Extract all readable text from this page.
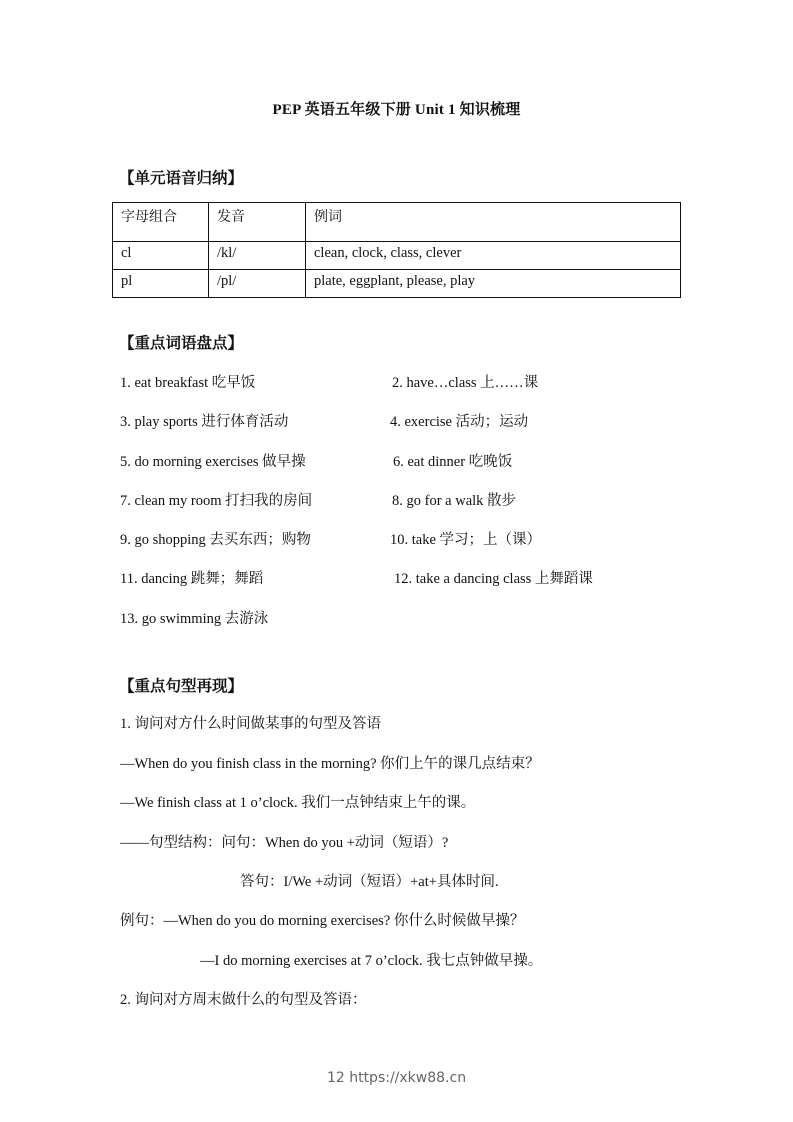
PEP 英语五年级下册 Unit 1 知识梳理
【单元语音归纳】
字母组合	发音	例词
cl	/kl/	clean, clock, class, clever
pl	/pl/	plate, eggplant, please, play
【重点词语盘点】
1. eat breakfast 吃早饭	2. have…class 上……课
3. play sports 进行体育活动	4. exercise 活动；运动
5. do morning exercises 做早操	6. eat dinner 吃晚饭
7. clean my room 打扫我的房间	8. go for a walk 散步
9. go shopping 去买东西；购物	10. take 学习；上（课）
11. dancing 跳舞；舞蹈	12. take a dancing class 上舞蹈课
13. go swimming 去游泳
【重点句型再现】
1. 询问对方什么时间做某事的句型及答语
—When do you finish class in the morning? 你们上午的课几点结束？
—We finish class at 1 o’clock. 我们一点钟结束上午的课。
——句型结构：问句：When do you +动词（短语）?
答句：I/We +动词（短语）+at+具体时间.
例句：—When do you do morning exercises? 你什么时候做早操？
—I do morning exercises at 7 o’clock. 我七点钟做早操。
2. 询问对方周末做什么的句型及答语：
12 https://xkw88.cn
